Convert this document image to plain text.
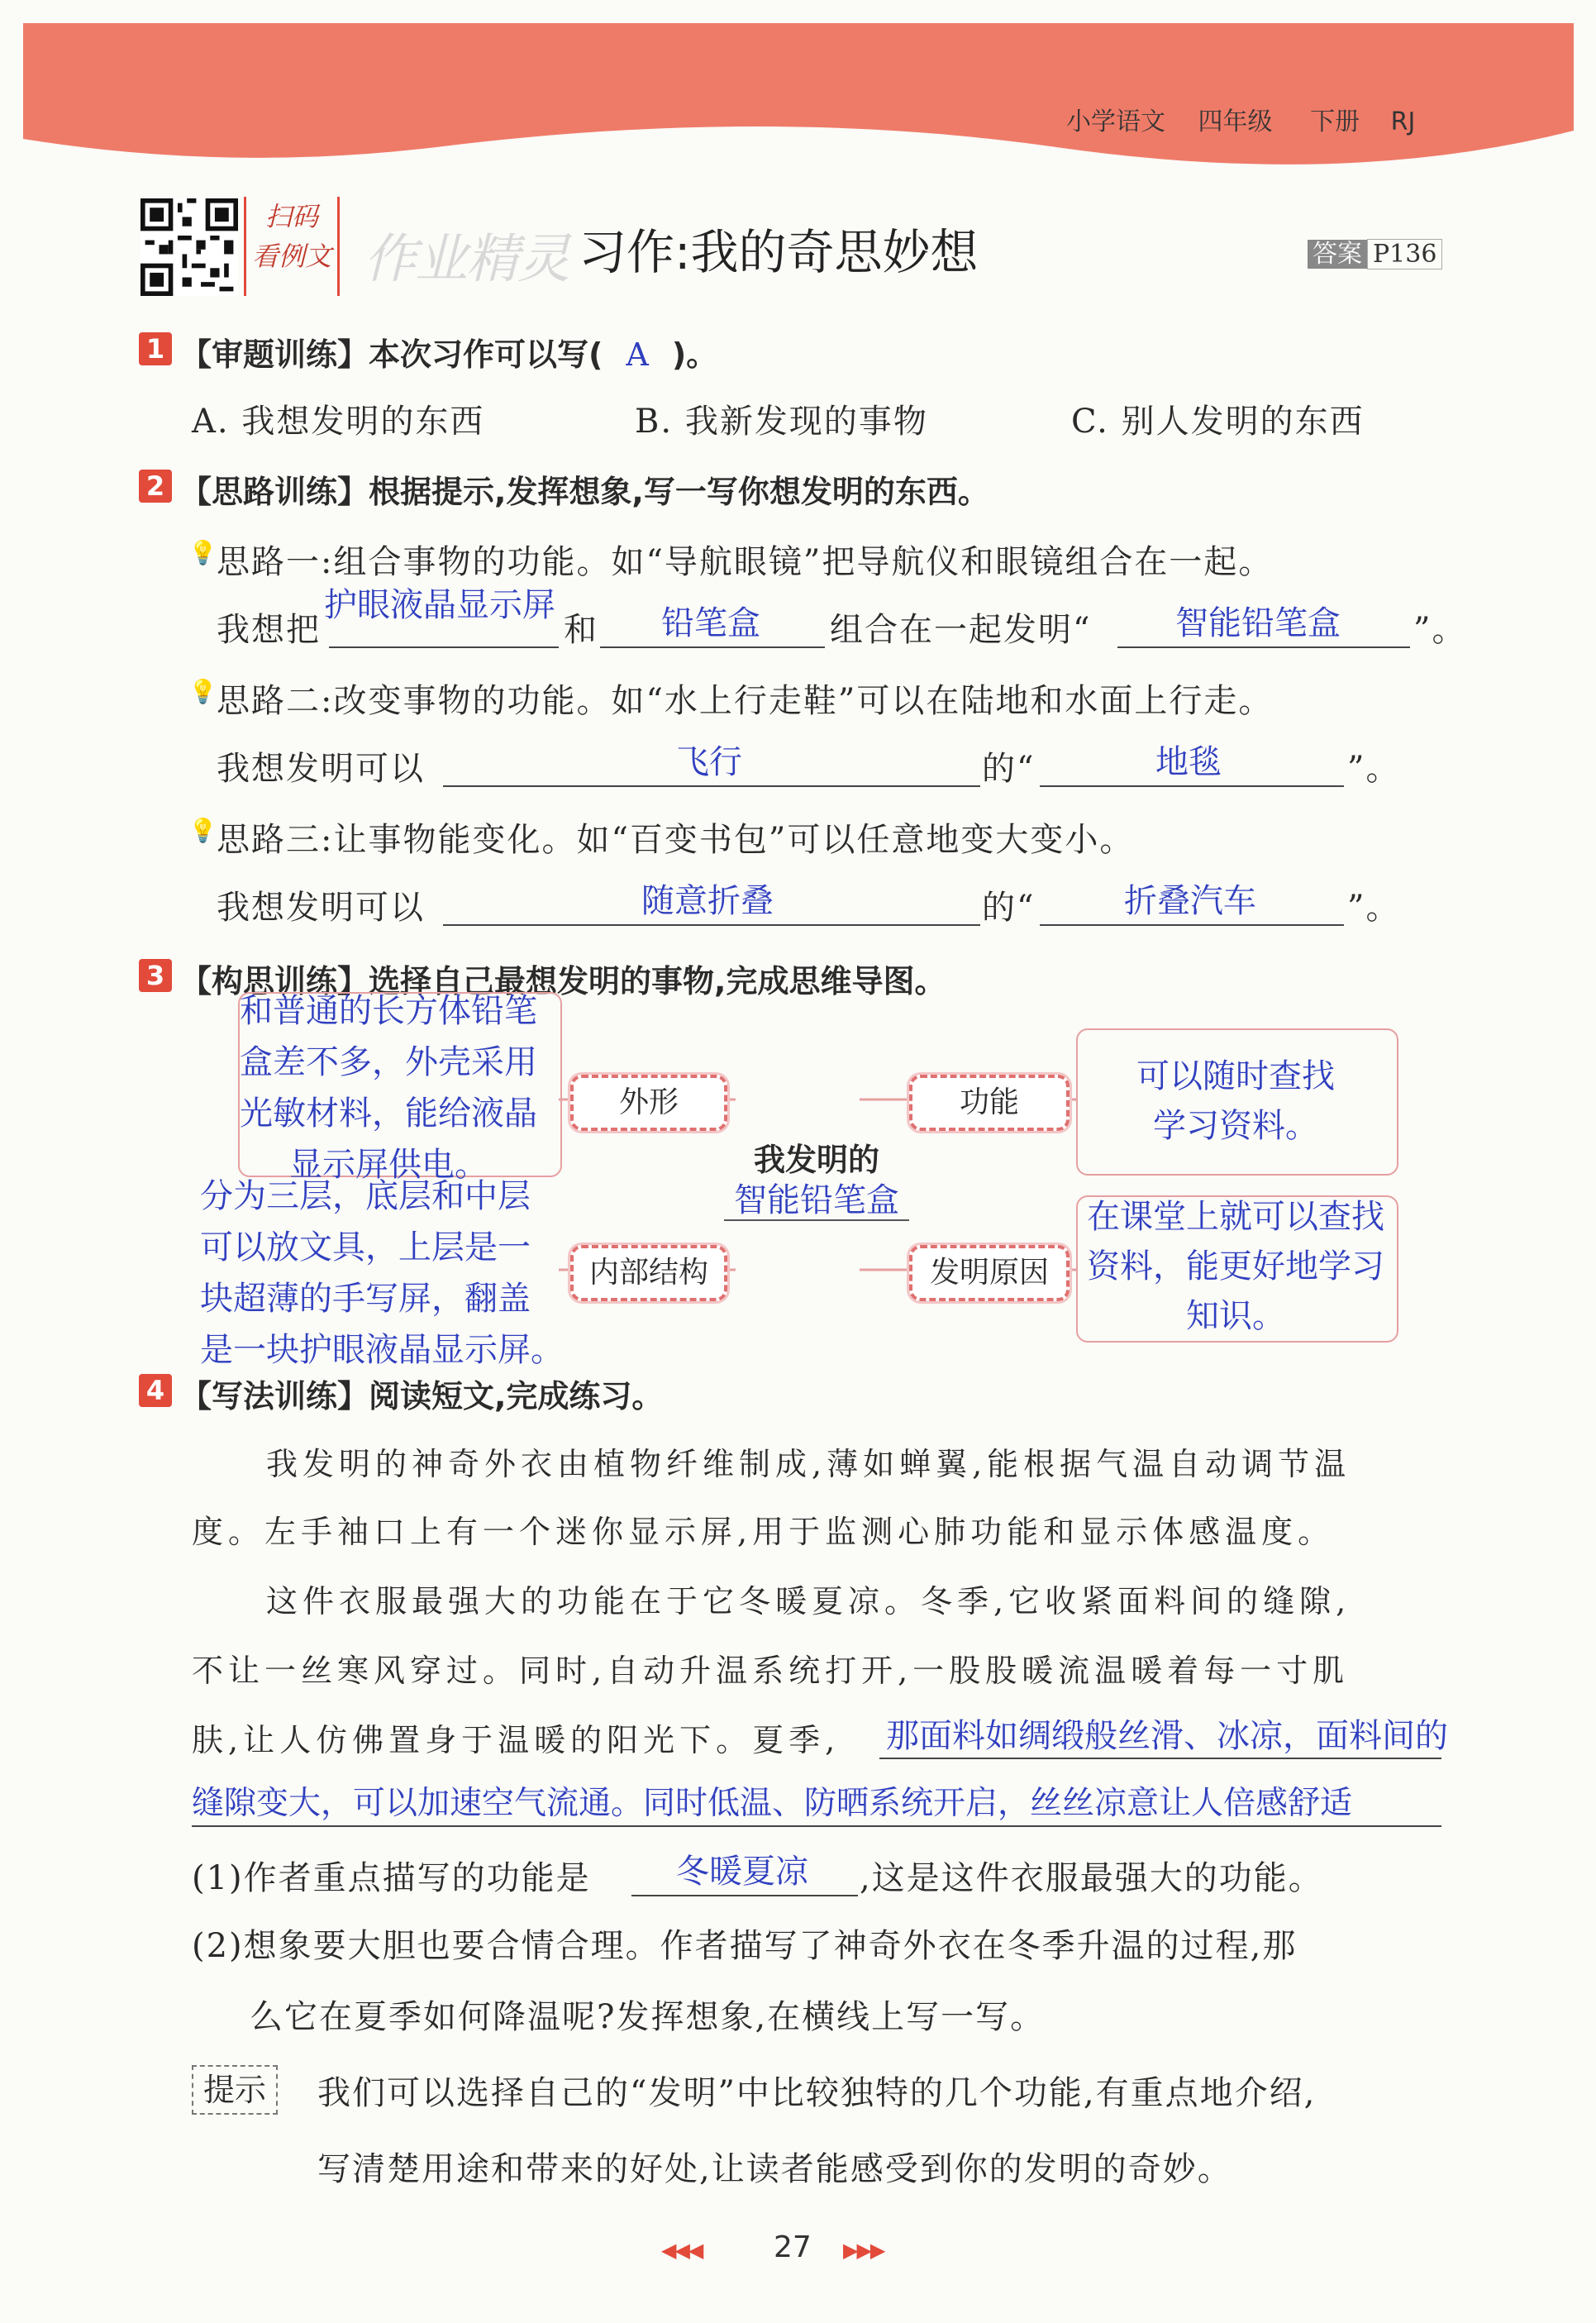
小学语文 四年级 下册 RJ
扫码
看例文 作业精灵 习作:我的奇思妙想	答案 P136
1 【审题训练】本次习作可以写( A )。
A. 我想发明的东西	B. 我新发现的事物	C. 别人发明的东西
2 【思路训练】根据提示,发挥想象,写一写你想发明的东西。
💡 思路一:组合事物的功能。如“导航眼镜”把导航仪和眼镜组合在一起。
我想把
护眼液晶显示屏
和 铅笔盒 组合在一起发明“	智能铅笔盒 ”。
💡 思路二:改变事物的功能。如“水上行走鞋”可以在陆地和水面上行走。
我想发明可以	飞行	的“	地毯	”。
💡 思路三:让事物能变化。如“百变书包”可以任意地变大变小。
我想发明可以	随意折叠	的“	折叠汽车	”。
3 【构思训练】选择自己最想发明的事物,完成思维导图。
外形	功能
内部结构	发明原因
我发明的
智能铅笔盒
和普通的长方体铅笔
盒差不多，外壳采用
光敏材料，能给液晶
显示屏供电。
可以随时查找
学习资料。
分为三层，底层和中层
可以放文具，上层是一
块超薄的手写屏，翻盖
是一块护眼液晶显示屏。
在课堂上就可以查找
资料，能更好地学习
知识。
4 【写法训练】阅读短文,完成练习。
我发明的神奇外衣由植物纤维制成,薄如蝉翼,能根据气温自动调节温
度。左手袖口上有一个迷你显示屏,用于监测心肺功能和显示体感温度。
这件衣服最强大的功能在于它冬暖夏凉。冬季,它收紧面料间的缝隙,
不让一丝寒风穿过。同时,自动升温系统打开,一股股暖流温暖着每一寸肌
肤,让人仿佛置身于温暖的阳光下。夏季, 那面料如绸缎般丝滑、冰凉，面料间的
缝隙变大，可以加速空气流通。同时低温、防晒系统开启，丝丝凉意让人倍感舒适
(1)作者重点描写的功能是	冬暖夏凉 ,这是这件衣服最强大的功能。
(2)想象要大胆也要合情合理。作者描写了神奇外衣在冬季升温的过程,那
么它在夏季如何降温呢?发挥想象,在横线上写一写。
提示	我们可以选择自己的“发明”中比较独特的几个功能,有重点地介绍,
写清楚用途和带来的好处,让读者能感受到你的发明的奇妙。
◀◀◀ 27 ▶▶▶
